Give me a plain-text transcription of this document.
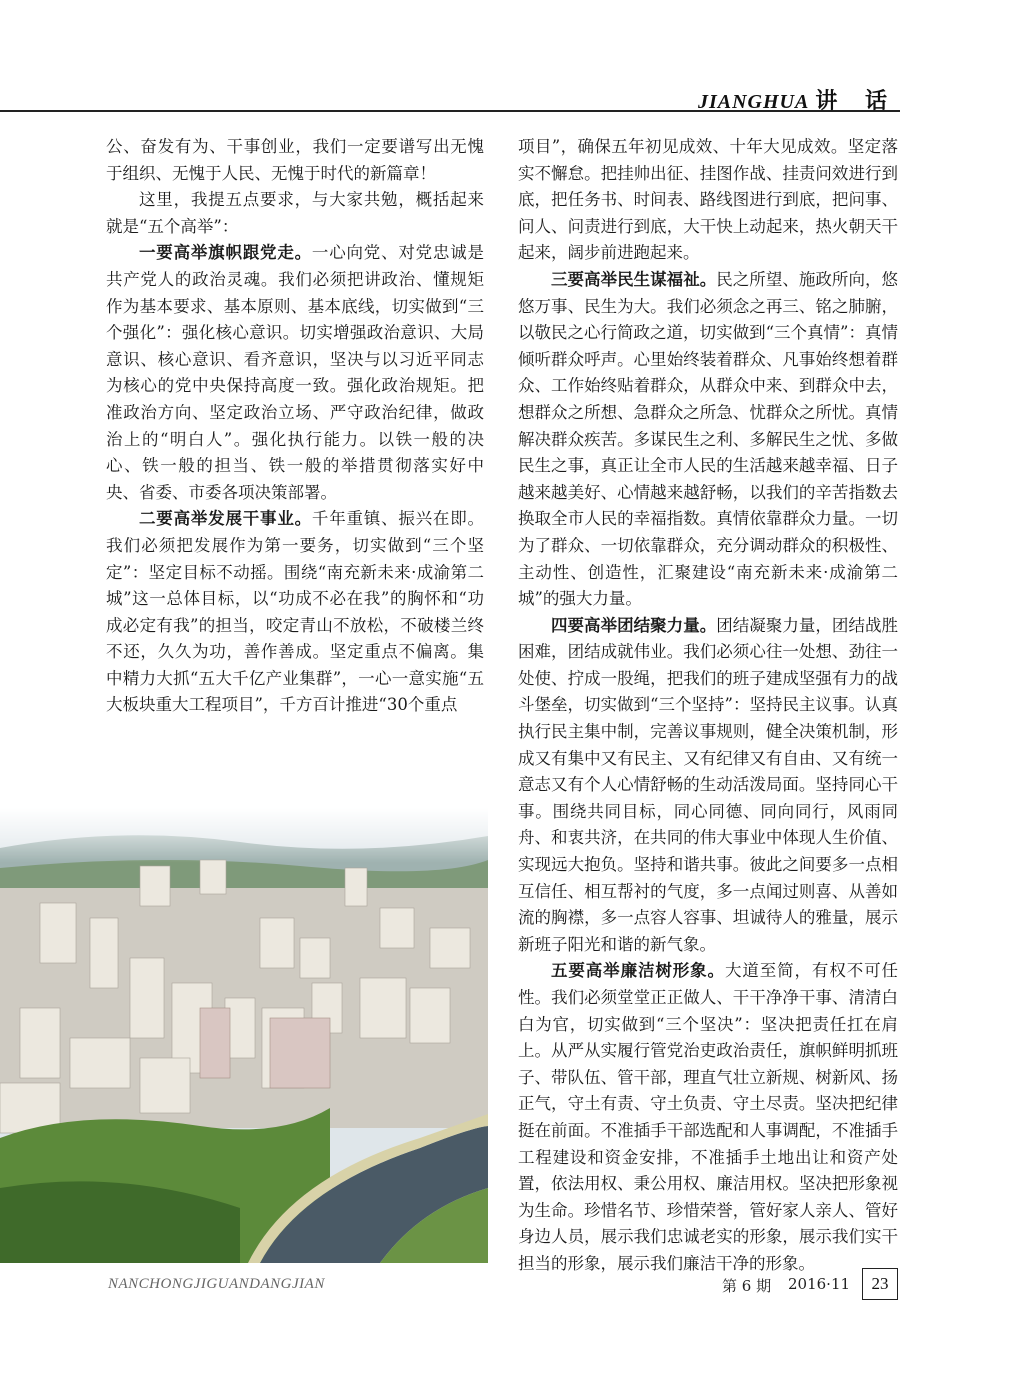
JIANGHUA 讲 话

公、奋发有为、干事创业，我们一定要谱写出无愧于组织、无愧于人民、无愧于时代的新篇章！

这里，我提五点要求，与大家共勉，概括起来就是“五个高举”：

一要高举旗帜跟党走。一心向党、对党忠诚是共产党人的政治灵魂。我们必须把讲政治、懂规矩作为基本要求、基本原则、基本底线，切实做到“三个强化”：强化核心意识。切实增强政治意识、大局意识、核心意识、看齐意识，坚决与以习近平同志为核心的党中央保持高度一致。强化政治规矩。把准政治方向、坚定政治立场、严守政治纪律，做政治上的“明白人”。强化执行能力。以铁一般的决心、铁一般的担当、铁一般的举措贯彻落实好中央、省委、市委各项决策部署。

二要高举发展干事业。千年重镇、振兴在即。我们必须把发展作为第一要务，切实做到“三个坚定”：坚定目标不动摇。围绕“南充新未来·成渝第二城”这一总体目标，以“功成不必在我”的胸怀和“功成必定有我”的担当，咬定青山不放松，不破楼兰终不还，久久为功，善作善成。坚定重点不偏离。集中精力大抓“五大千亿产业集群”，一心一意实施“五大板块重大工程项目”，千方百计推进“30个重点

项目”，确保五年初见成效、十年大见成效。坚定落实不懈怠。把挂帅出征、挂图作战、挂责问效进行到底，把任务书、时间表、路线图进行到底，把问事、问人、问责进行到底，大干快上动起来，热火朝天干起来，阔步前进跑起来。

三要高举民生谋福祉。民之所望、施政所向，悠悠万事、民生为大。我们必须念之再三、铭之肺腑，以敬民之心行简政之道，切实做到“三个真情”：真情倾听群众呼声。心里始终装着群众、凡事始终想着群众、工作始终贴着群众，从群众中来、到群众中去，想群众之所想、急群众之所急、忧群众之所忧。真情解决群众疾苦。多谋民生之利、多解民生之忧、多做民生之事，真正让全市人民的生活越来越幸福、日子越来越美好、心情越来越舒畅，以我们的辛苦指数去换取全市人民的幸福指数。真情依靠群众力量。一切为了群众、一切依靠群众，充分调动群众的积极性、主动性、创造性，汇聚建设“南充新未来·成渝第二城”的强大力量。

四要高举团结聚力量。团结凝聚力量，团结战胜困难，团结成就伟业。我们必须心往一处想、劲往一处使、拧成一股绳，把我们的班子建成坚强有力的战斗堡垒，切实做到“三个坚持”：坚持民主议事。认真执行民主集中制，完善议事规则，健全决策机制，形成又有集中又有民主、又有纪律又有自由、又有统一意志又有个人心情舒畅的生动活泼局面。坚持同心干事。围绕共同目标，同心同德、同向同行，风雨同舟、和衷共济，在共同的伟大事业中体现人生价值、实现远大抱负。坚持和谐共事。彼此之间要多一点相互信任、相互帮衬的气度，多一点闻过则喜、从善如流的胸襟，多一点容人容事、坦诚待人的雅量，展示新班子阳光和谐的新气象。

五要高举廉洁树形象。大道至简，有权不可任性。我们必须堂堂正正做人、干干净净干事、清清白白为官，切实做到“三个坚决”：坚决把责任扛在肩上。从严从实履行管党治吏政治责任，旗帜鲜明抓班子、带队伍、管干部，理直气壮立新规、树新风、扬正气，守土有责、守土负责、守土尽责。坚决把纪律挺在前面。不准插手干部选配和人事调配，不准插手工程建设和资金安排，不准插手土地出让和资产处置，依法用权、秉公用权、廉洁用权。坚决把形象视为生命。珍惜名节、珍惜荣誉，管好家人亲人、管好身边人员，展示我们忠诚老实的形象，展示我们实干担当的形象，展示我们廉洁干净的形象。

NANCHONGJIGUANDANGJIAN	第 6 期 2016·11	23
